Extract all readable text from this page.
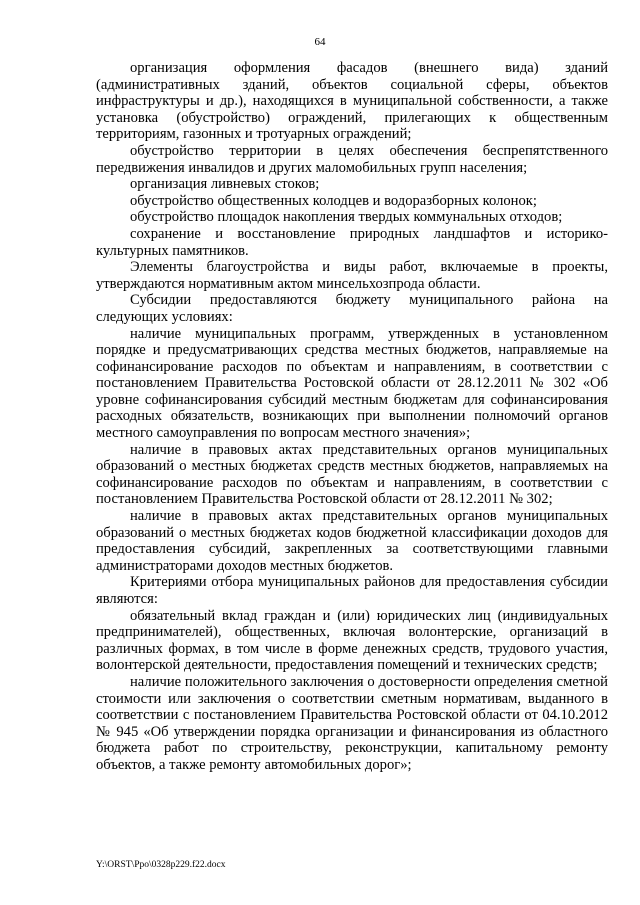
64

организация оформления фасадов (внешнего вида) зданий (административных зданий, объектов социальной сферы, объектов инфраструктуры и др.), находящихся в муниципальной собственности, а также установка (обустройство) ограждений, прилегающих к общественным территориям, газонных и тротуарных ограждений;

обустройство территории в целях обеспечения беспрепятственного передвижения инвалидов и других маломобильных групп населения;

организация ливневых стоков;

обустройство общественных колодцев и водоразборных колонок;

обустройство площадок накопления твердых коммунальных отходов;

сохранение и восстановление природных ландшафтов и историко-культурных памятников.

Элементы благоустройства и виды работ, включаемые в проекты, утверждаются нормативным актом минсельхозпрода области.

Субсидии предоставляются бюджету муниципального района на следующих условиях:

наличие муниципальных программ, утвержденных в установленном порядке и предусматривающих средства местных бюджетов, направляемые на софинансирование расходов по объектам и направлениям, в соответствии с постановлением Правительства Ростовской области от 28.12.2011 № 302 «Об уровне софинансирования субсидий местным бюджетам для софинансирования расходных обязательств, возникающих при выполнении полномочий органов местного самоуправления по вопросам местного значения»;

наличие в правовых актах представительных органов муниципальных образований о местных бюджетах средств местных бюджетов, направляемых на софинансирование расходов по объектам и направлениям, в соответствии с постановлением Правительства Ростовской области от 28.12.2011 № 302;

наличие в правовых актах представительных органов муниципальных образований о местных бюджетах кодов бюджетной классификации доходов для предоставления субсидий, закрепленных за соответствующими главными администраторами доходов местных бюджетов.

Критериями отбора муниципальных районов для предоставления субсидии являются:

обязательный вклад граждан и (или) юридических лиц (индивидуальных предпринимателей), общественных, включая волонтерские, организаций в различных формах, в том числе в форме денежных средств, трудового участия, волонтерской деятельности, предоставления помещений и технических средств;

наличие положительного заключения о достоверности определения сметной стоимости или заключения о соответствии сметным нормативам, выданного в соответствии с постановлением Правительства Ростовской области от 04.10.2012 № 945 «Об утверждении порядка организации и финансирования из областного бюджета работ по строительству, реконструкции, капитальному ремонту объектов, а также ремонту автомобильных дорог»;

Y:\ORST\Ppo\0328p229.f22.docx
